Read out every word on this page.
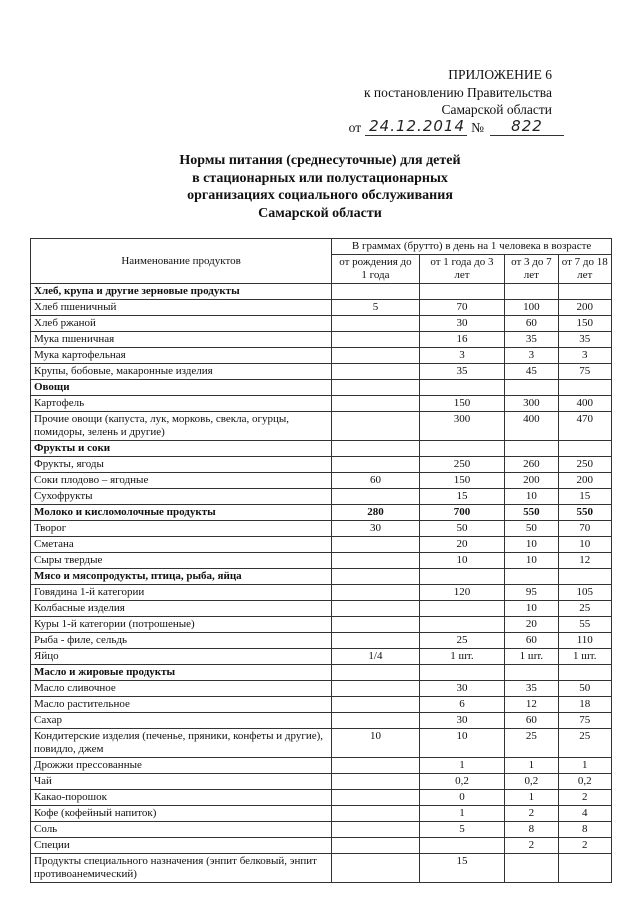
ПРИЛОЖЕНИЕ 6
к постановлению Правительства
Самарской области
от 24.12.2014 №	822
Нормы питания (среднесуточные) для детей
в стационарных или полустационарных
организациях социального обслуживания
Самарской области
Наименование продуктов	В граммах (брутто) в день на 1 человека в возрасте			
	от рождения до 1 года	от 1 года до 3 лет	от 3 до 7 лет	от 7 до 18 лет
Хлеб, крупа и другие зерновые продукты				
Хлеб пшеничный	5	70	100	200
Хлеб ржаной		30	60	150
Мука пшеничная		16	35	35
Мука картофельная		3	3	3
Крупы, бобовые, макаронные изделия		35	45	75
Овощи				
Картофель		150	300	400
Прочие овощи (капуста, лук, морковь, свекла, огурцы, помидоры, зелень и другие)		300	400	470
Фрукты и соки				
Фрукты, ягоды		250	260	250
Соки плодово – ягодные	60	150	200	200
Сухофрукты		15	10	15
Молоко и кисломолочные продукты	280	700	550	550
Творог	30	50	50	70
Сметана		20	10	10
Сыры твердые		10	10	12
Мясо и мясопродукты, птица, рыба, яйца				
Говядина 1-й категории		120	95	105
Колбасные изделия			10	25
Куры 1-й категории (потрошеные)			20	55
Рыба - филе, сельдь		25	60	110
Яйцо	1/4	1 шт.	1 шт.	1 шт.
Масло и жировые продукты				
Масло сливочное		30	35	50
Масло растительное		6	12	18
Сахар		30	60	75
Кондитерские изделия (печенье, пряники, конфеты и другие), повидло, джем	10	10	25	25
Дрожжи прессованные		1	1	1
Чай		0,2	0,2	0,2
Какао-порошок		0	1	2
Кофе (кофейный напиток)		1	2	4
Соль		5	8	8
Специи			2	2
Продукты специального назначения (энпит белковый, энпит противоанемический)		15		
